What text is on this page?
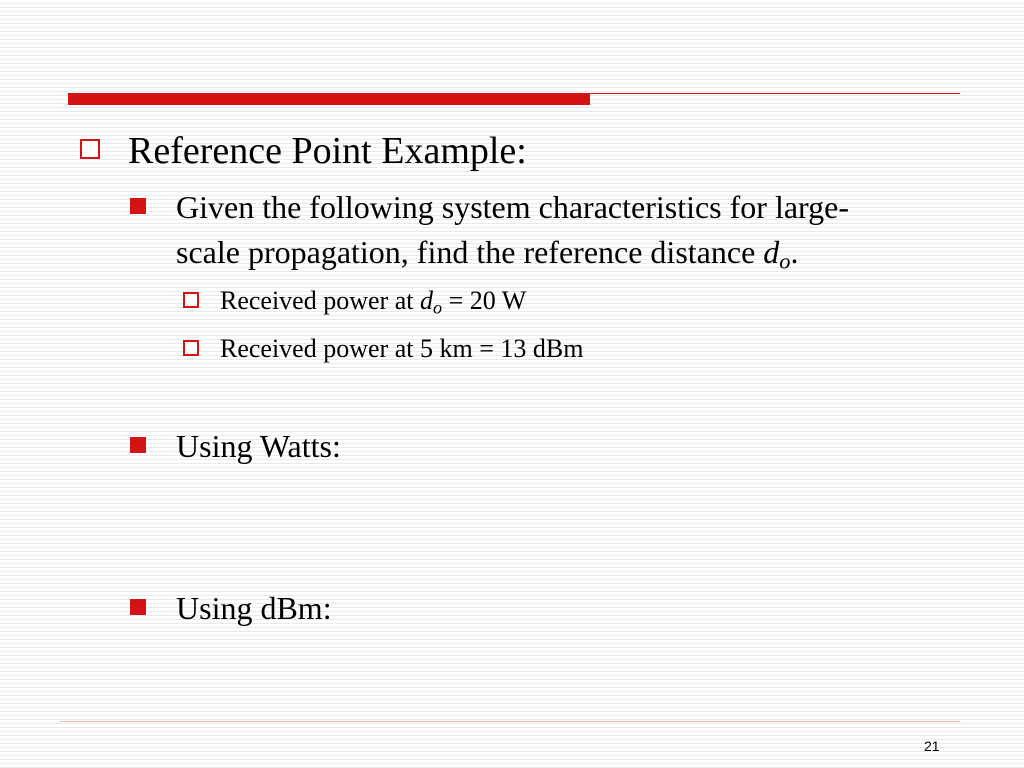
Reference Point Example:
Given the following system characteristics for large-
scale propagation, find the reference distance $d_o$.
Received power at $d_o = 20$ W
Received power at 5 km = 13 dBm
Using Watts:
Using dBm:
21
